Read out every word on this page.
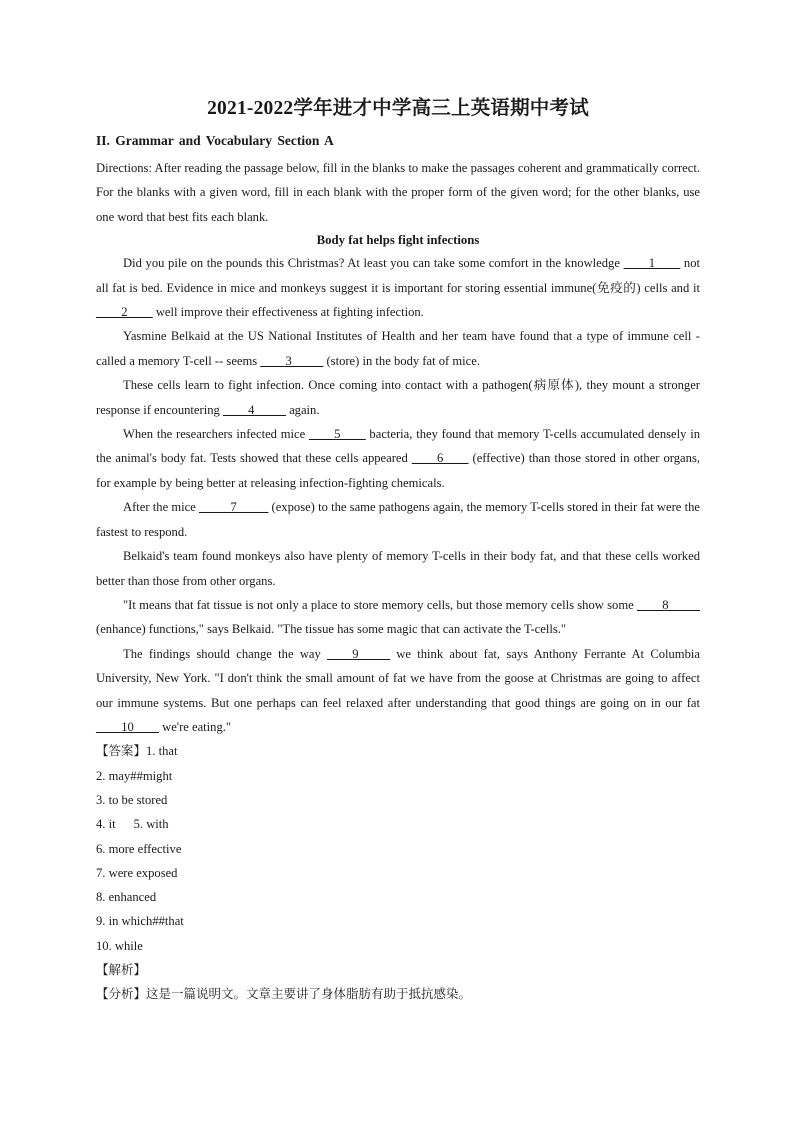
2021-2022学年进才中学高三上英语期中考试
II. Grammar and Vocabulary Section A

Directions: After reading the passage below, fill in the blanks to make the passages coherent and grammatically correct. For the blanks with a given word, fill in each blank with the proper form of the given word; for the other blanks, use one word that best fits each blank.

Body fat helps fight infections

Did you pile on the pounds this Christmas? At least you can take some comfort in the knowledge ____1____ not all fat is bed. Evidence in mice and monkeys suggest it is important for storing essential immune(免疫的) cells and it ____2____ well improve their effectiveness at fighting infection.

Yasmine Belkaid at the US National Institutes of Health and her team have found that a type of immune cell - called a memory T-cell -- seems ____3_____ (store) in the body fat of mice.

These cells learn to fight infection. Once coming into contact with a pathogen(病原体), they mount a stronger response if encountering ____4_____ again.

When the researchers infected mice ____5____ bacteria, they found that memory T-cells accumulated densely in the animal's body fat. Tests showed that these cells appeared ____6____ (effective) than those stored in other organs, for example by being better at releasing infection-fighting chemicals.

After the mice _____7_____ (expose) to the same pathogens again, the memory T-cells stored in their fat were the fastest to respond.

Belkaid's team found monkeys also have plenty of memory T-cells in their body fat, and that these cells worked better than those from other organs.

"It means that fat tissue is not only a place to store memory cells, but those memory cells show some ____8_____ (enhance) functions," says Belkaid. "The tissue has some magic that can activate the T-cells."

The findings should change the way ____9_____ we think about fat, says Anthony Ferrante At Columbia University, New York. "I don't think the small amount of fat we have from the goose at Christmas are going to affect our immune systems. But one perhaps can feel relaxed after understanding that good things are going on in our fat ____10____ we're eating."

【答案】1. that
2. may##might
3. to be stored
4. it 5. with
6. more effective
7. were exposed
8. enhanced
9. in which##that
10. while
【解析】
【分析】这是一篇说明文。文章主要讲了身体脂肪有助于抵抗感染。
